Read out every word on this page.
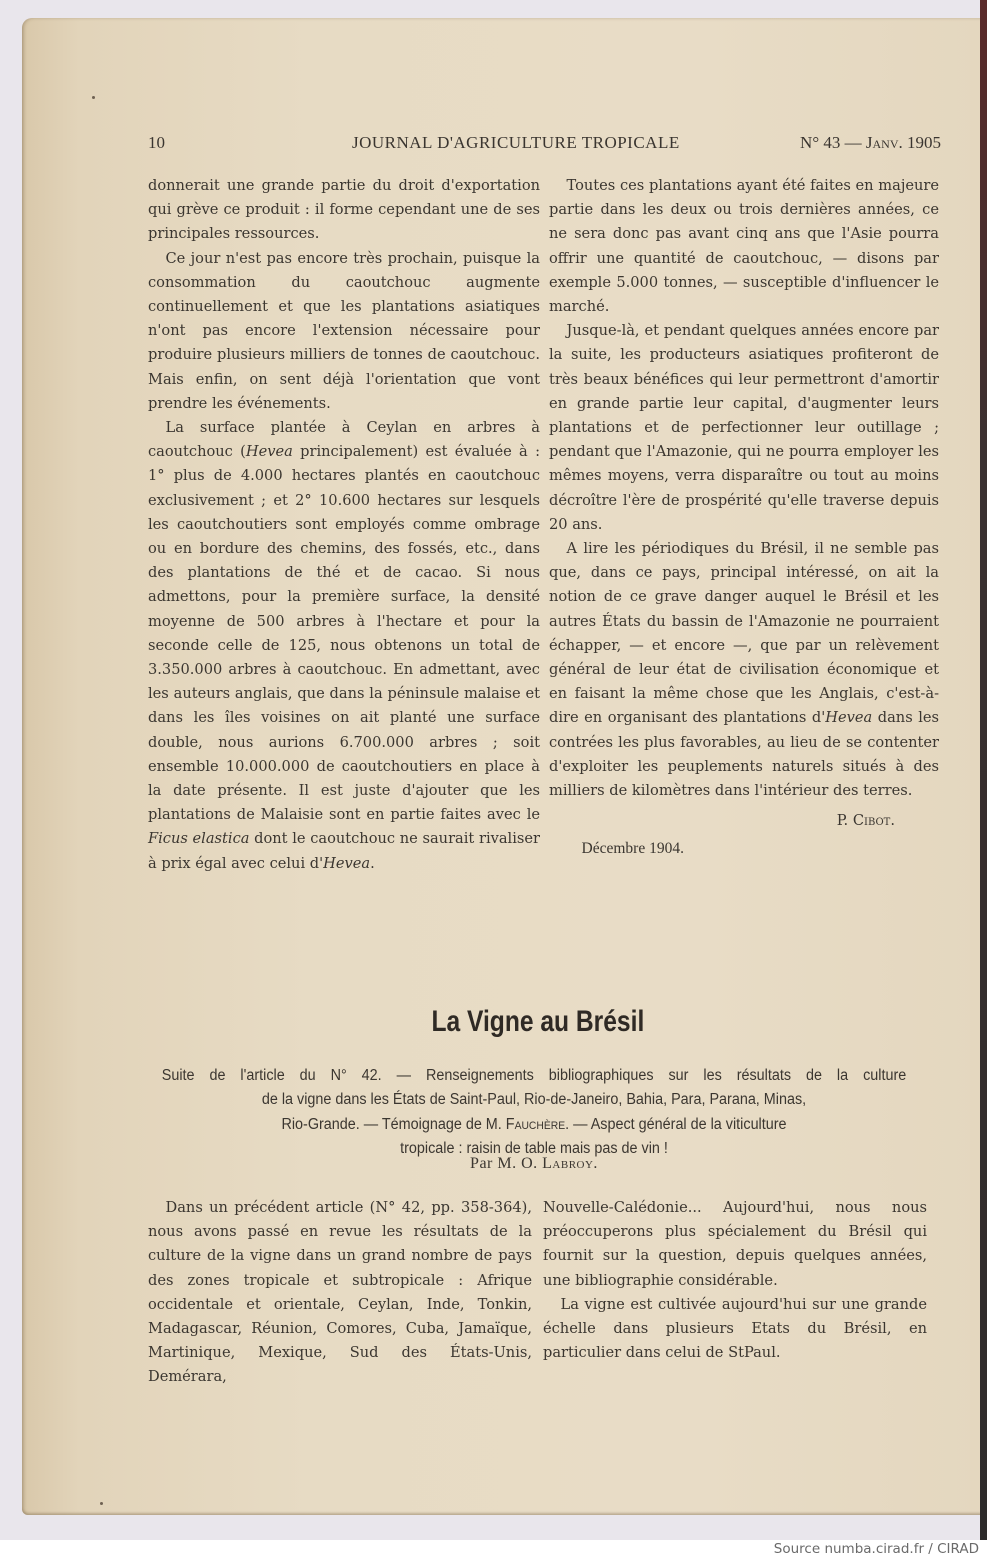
10	JOURNAL D'AGRICULTURE TROPICALE	N° 43 — Janv. 1905

donnerait une grande partie du droit d'exportation qui grève ce produit : il forme cependant une de ses principales ressources.

Ce jour n'est pas encore très prochain, puisque la consommation du caoutchouc augmente continuellement et que les plantations asiatiques n'ont pas encore l'extension nécessaire pour produire plusieurs milliers de tonnes de caoutchouc. Mais enfin, on sent déjà l'orientation que vont prendre les événements.

La surface plantée à Ceylan en arbres à caoutchouc (Hevea principalement) est évaluée à : 1° plus de 4.000 hectares plantés en caoutchouc exclusivement ; et 2° 10.600 hectares sur lesquels les caoutchoutiers sont employés comme ombrage ou en bordure des chemins, des fossés, etc., dans des plantations de thé et de cacao. Si nous admettons, pour la première surface, la densité moyenne de 500 arbres à l'hectare et pour la seconde celle de 125, nous obtenons un total de 3.350.000 arbres à caoutchouc. En admettant, avec les auteurs anglais, que dans la péninsule malaise et dans les îles voisines on ait planté une surface double, nous aurions 6.700.000 arbres ; soit ensemble 10.000.000 de caoutchoutiers en place à la date présente. Il est juste d'ajouter que les plantations de Malaisie sont en partie faites avec le Ficus elastica dont le caoutchouc ne saurait rivaliser à prix égal avec celui d'Hevea.

Toutes ces plantations ayant été faites en majeure partie dans les deux ou trois dernières années, ce ne sera donc pas avant cinq ans que l'Asie pourra offrir une quantité de caoutchouc, — disons par exemple 5.000 tonnes, — susceptible d'influencer le marché.

Jusque-là, et pendant quelques années encore par la suite, les producteurs asiatiques profiteront de très beaux bénéfices qui leur permettront d'amortir en grande partie leur capital, d'augmenter leurs plantations et de perfectionner leur outillage ; pendant que l'Amazonie, qui ne pourra employer les mêmes moyens, verra disparaître ou tout au moins décroître l'ère de prospérité qu'elle traverse depuis 20 ans.

A lire les périodiques du Brésil, il ne semble pas que, dans ce pays, principal intéressé, on ait la notion de ce grave danger auquel le Brésil et les autres États du bassin de l'Amazonie ne pourraient échapper, — et encore —, que par un relèvement général de leur état de civilisation économique et en faisant la même chose que les Anglais, c'est-à-dire en organisant des plantations d'Hevea dans les contrées les plus favorables, au lieu de se contenter d'exploiter les peuplements naturels situés à des milliers de kilomètres dans l'intérieur des terres.

P. Cibot.

Décembre 1904.

La Vigne au Brésil
Suite de l'article du N° 42. — Renseignements bibliographiques sur les résultats de la culture
de la vigne dans les États de Saint-Paul, Rio-de-Janeiro, Bahia, Para, Parana, Minas,
Rio-Grande. — Témoignage de M. Fauchère. — Aspect général de la viticulture
tropicale : raisin de table mais pas de vin !
Par M. O. Labroy.

Dans un précédent article (N° 42, pp. 358-364), nous avons passé en revue les résultats de la culture de la vigne dans un grand nombre de pays des zones tropicale et subtropicale : Afrique occidentale et orientale, Ceylan, Inde, Tonkin, Madagascar, Réunion, Comores, Cuba, Jamaïque, Martinique, Mexique, Sud des États-Unis, Demérara,

Nouvelle-Calédonie... Aujourd'hui, nous nous préoccuperons plus spécialement du Brésil qui fournit sur la question, depuis quelques années, une bibliographie considérable.

La vigne est cultivée aujourd'hui sur une grande échelle dans plusieurs Etats du Brésil, en particulier dans celui de StPaul.

Source numba.cirad.fr / CIRAD
